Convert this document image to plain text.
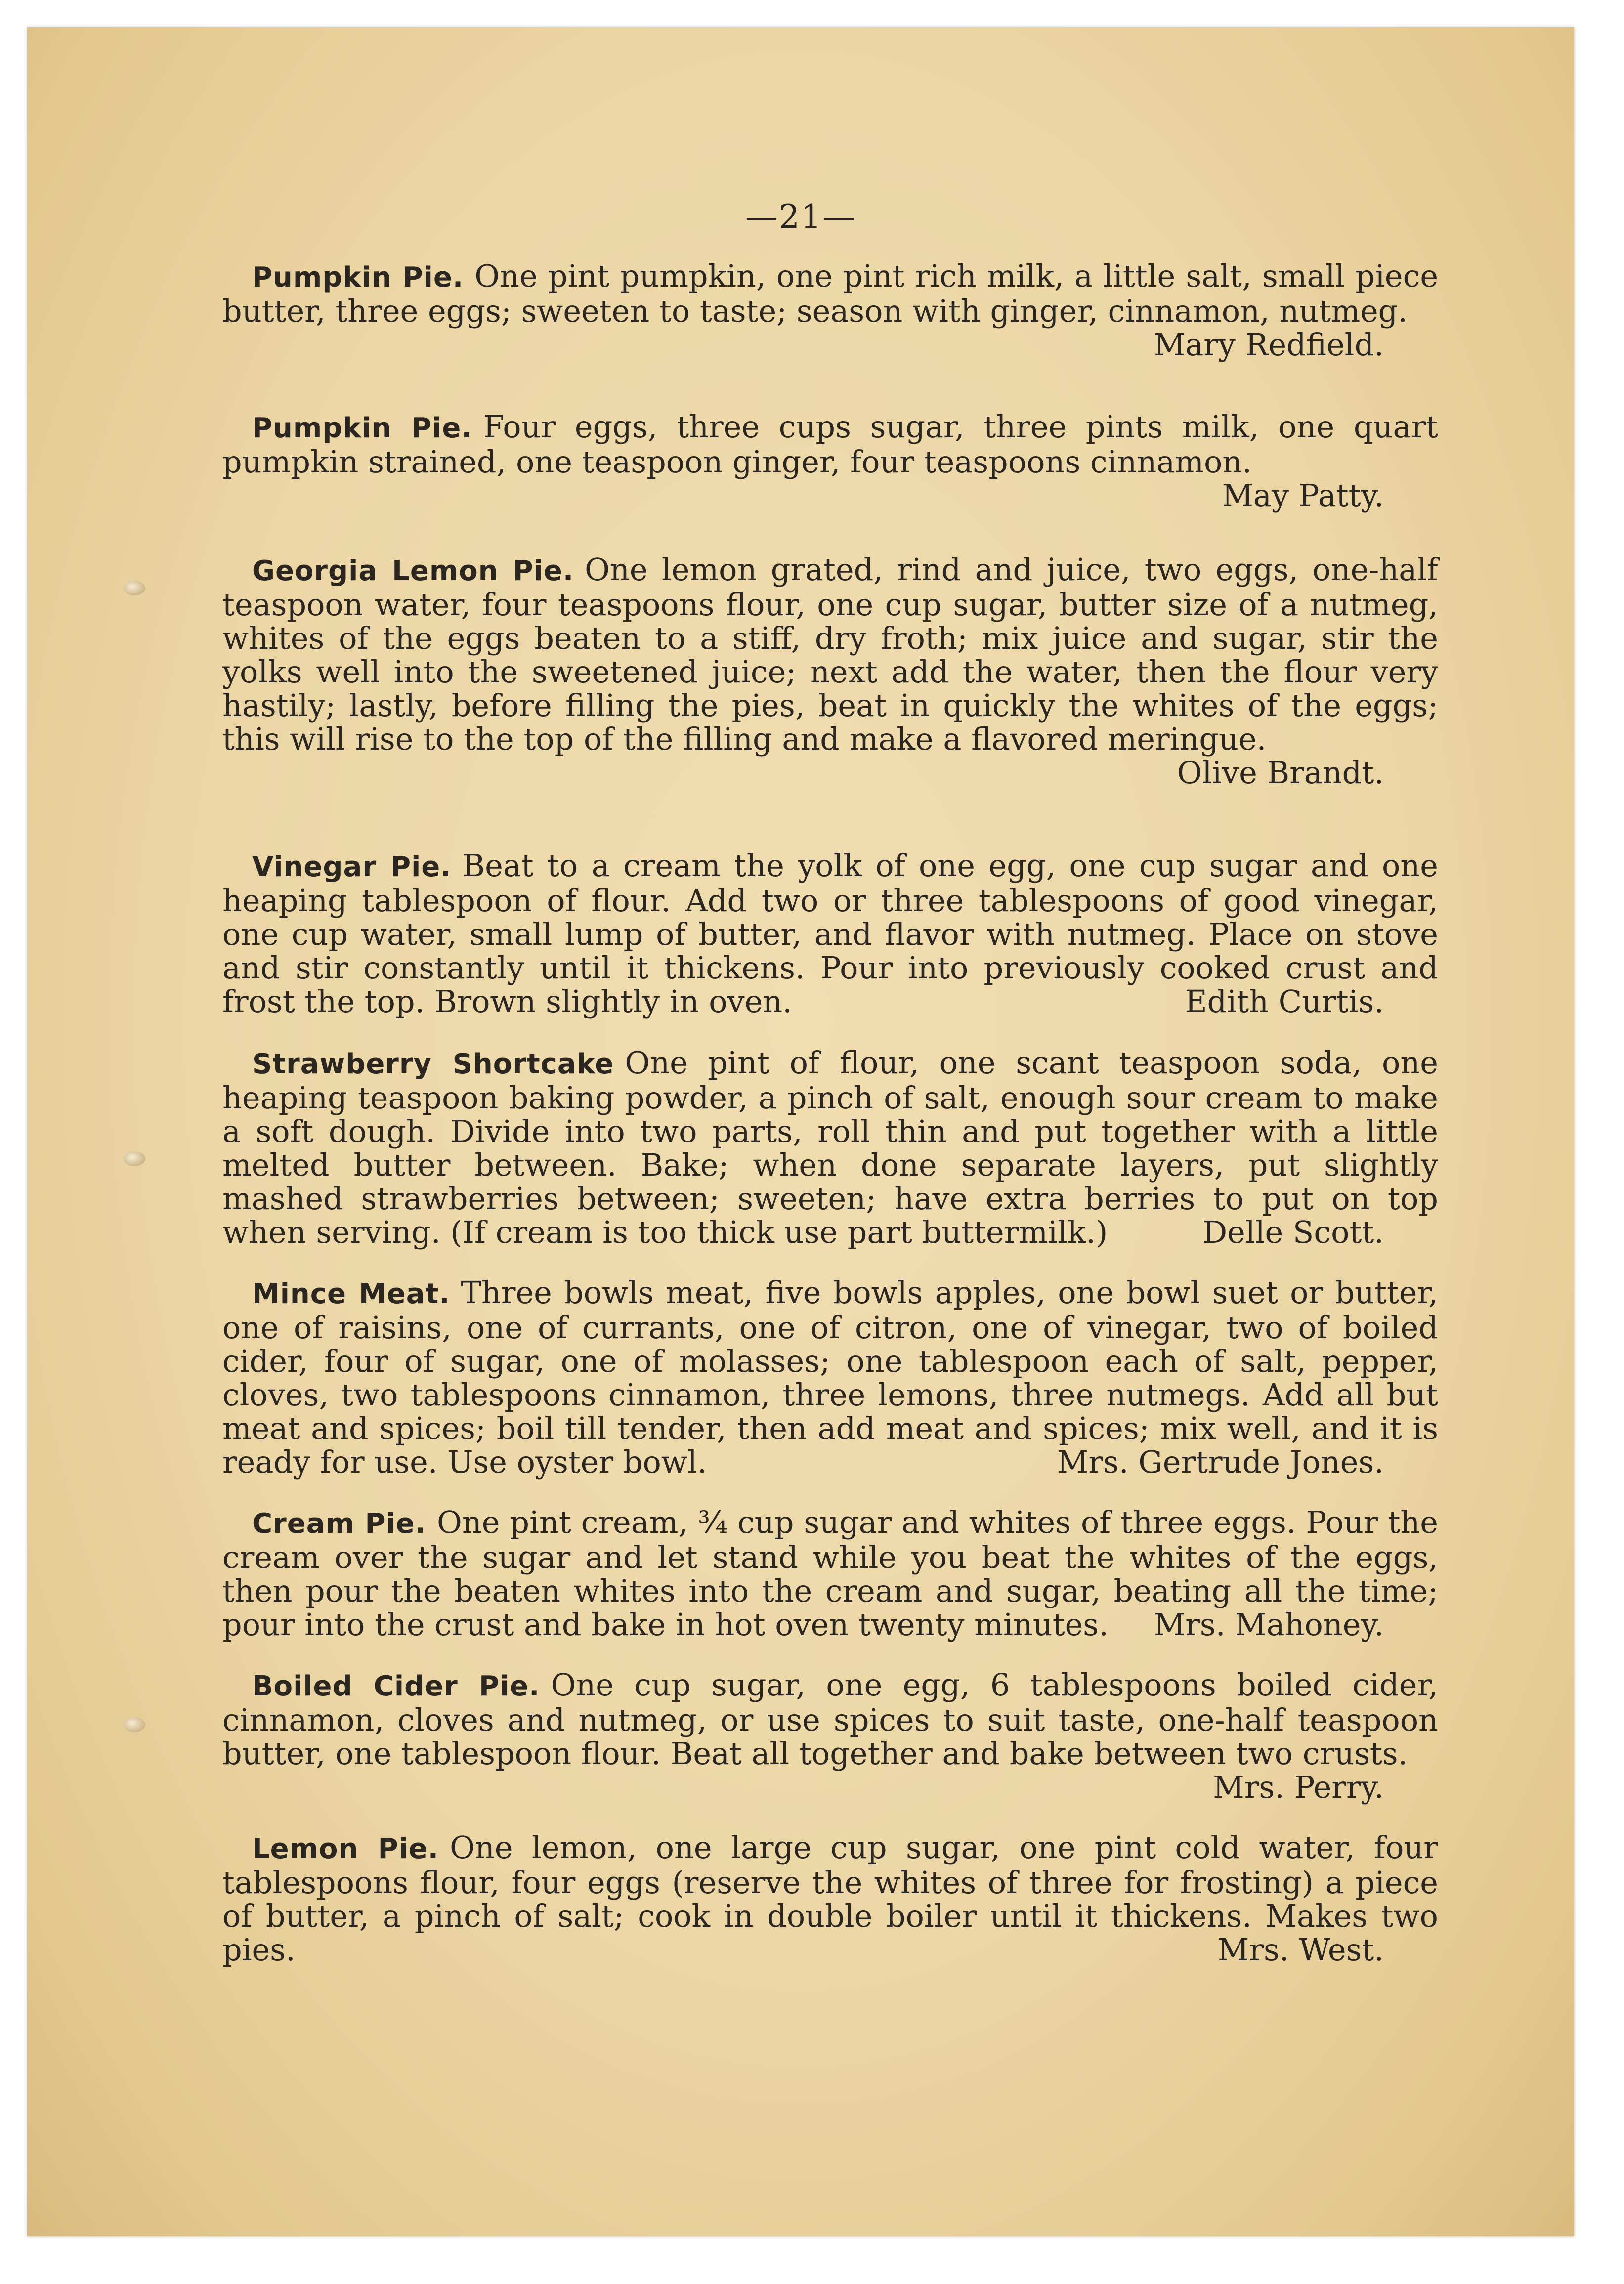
—21—

Pumpkin Pie. One pint pumpkin, one pint rich milk, a little salt, small piece butter, three eggs; sweeten to taste; season with ginger, cinnamon, nutmeg.
Mary Redfield.

Pumpkin Pie. Four eggs, three cups sugar, three pints milk, one quart pumpkin strained, one teaspoon ginger, four teaspoons cinnamon.
May Patty.

Georgia Lemon Pie. One lemon grated, rind and juice, two eggs, one-half teaspoon water, four teaspoons flour, one cup sugar, butter size of a nutmeg, whites of the eggs beaten to a stiff, dry froth; mix juice and sugar, stir the yolks well into the sweetened juice; next add the water, then the flour very hastily; lastly, before filling the pies, beat in quickly the whites of the eggs; this will rise to the top of the filling and make a flavored meringue.
Olive Brandt.

Vinegar Pie. Beat to a cream the yolk of one egg, one cup sugar and one heaping tablespoon of flour. Add two or three tablespoons of good vinegar, one cup water, small lump of butter, and flavor with nutmeg. Place on stove and stir constantly until it thickens. Pour into previously cooked crust and frost the top. Brown slightly in oven.	Edith Curtis.

Strawberry Shortcake One pint of flour, one scant teaspoon soda, one heaping teaspoon baking powder, a pinch of salt, enough sour cream to make a soft dough. Divide into two parts, roll thin and put together with a little melted butter between. Bake; when done separate layers, put slightly mashed strawberries between; sweeten; have extra berries to put on top when serving. (If cream is too thick use part buttermilk.)	Delle Scott.

Mince Meat. Three bowls meat, five bowls apples, one bowl suet or butter, one of raisins, one of currants, one of citron, one of vinegar, two of boiled cider, four of sugar, one of molasses; one tablespoon each of salt, pepper, cloves, two tablespoons cinnamon, three lemons, three nutmegs. Add all but meat and spices; boil till tender, then add meat and spices; mix well, and it is ready for use. Use oyster bowl.	Mrs. Gertrude Jones.

Cream Pie. One pint cream, ¾ cup sugar and whites of three eggs. Pour the cream over the sugar and let stand while you beat the whites of the eggs, then pour the beaten whites into the cream and sugar, beating all the time; pour into the crust and bake in hot oven twenty minutes. Mrs. Mahoney.

Boiled Cider Pie. One cup sugar, one egg, 6 tablespoons boiled cider, cinnamon, cloves and nutmeg, or use spices to suit taste, one-half teaspoon butter, one tablespoon flour. Beat all together and bake between two crusts.
Mrs. Perry.

Lemon Pie. One lemon, one large cup sugar, one pint cold water, four tablespoons flour, four eggs (reserve the whites of three for frosting) a piece of butter, a pinch of salt; cook in double boiler until it thickens. Makes two pies.	Mrs. West.
